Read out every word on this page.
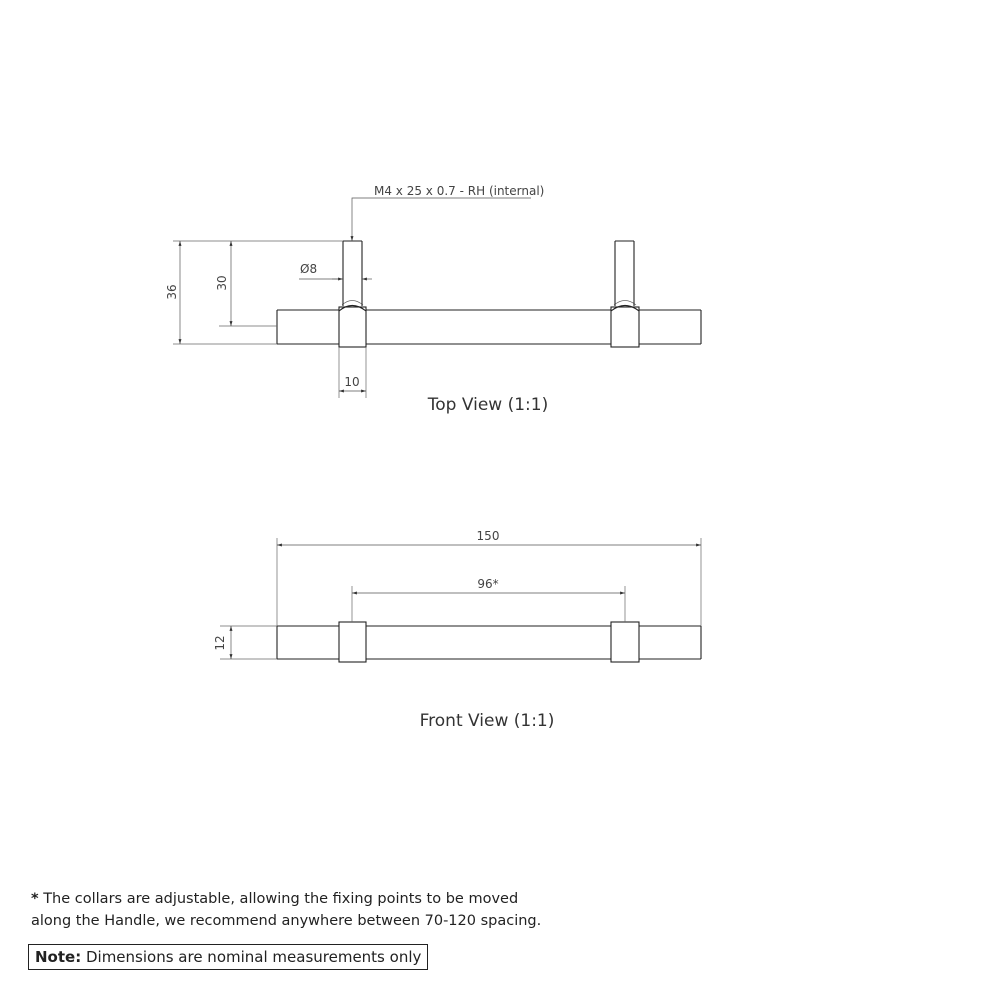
M4 x 25 x 0.7 - RH (internal)
36
30
Ø8
10
Top View (1:1)
150
96*
12
Front View (1:1)
* The collars are adjustable, allowing the fixing points to be moved
along the Handle, we recommend anywhere between 70-120 spacing.
Note: Dimensions are nominal measurements only
